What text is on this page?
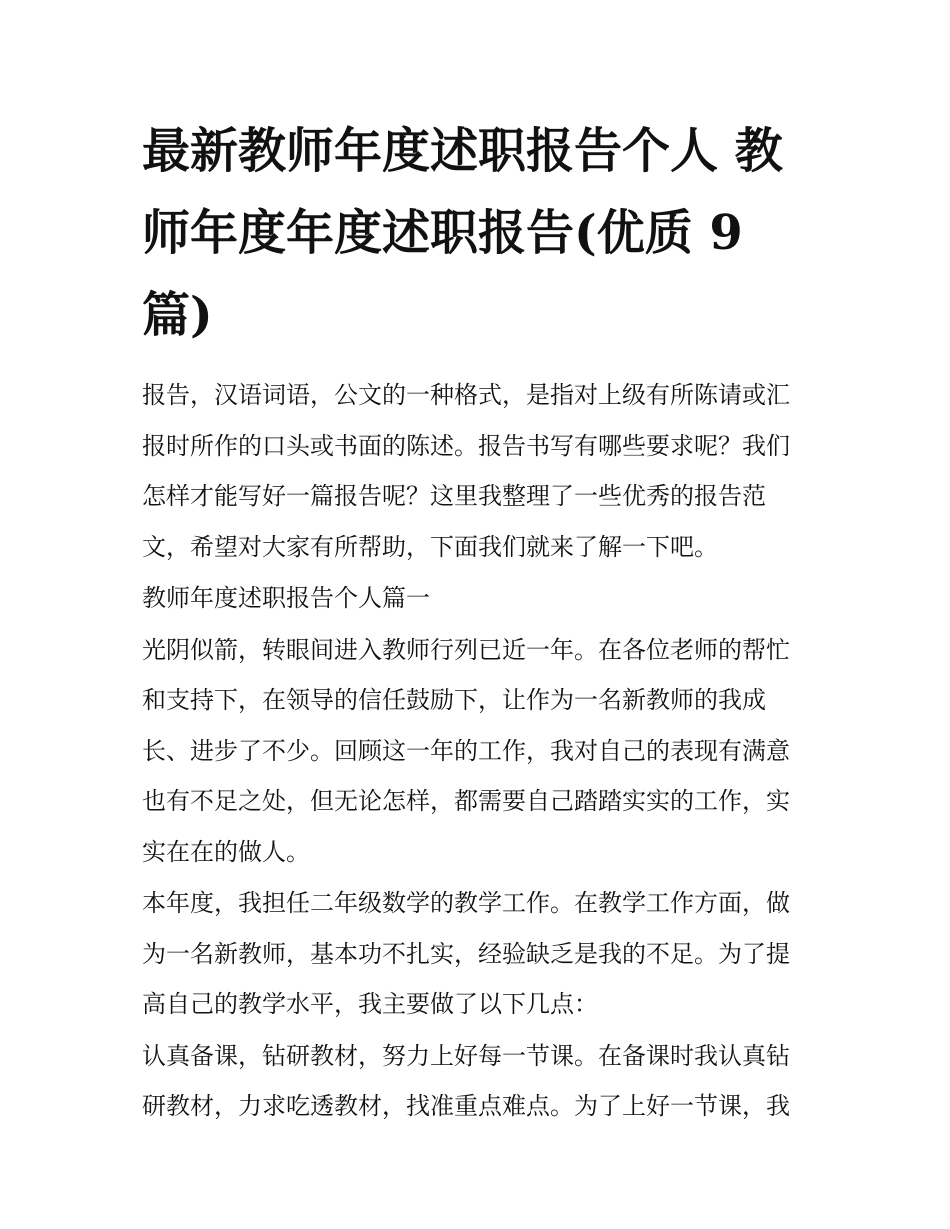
最新教师年度述职报告个人 教
师年度年度述职报告(优质 9
篇)

报告，汉语词语，公文的一种格式，是指对上级有所陈请或汇
报时所作的口头或书面的陈述。报告书写有哪些要求呢？我们
怎样才能写好一篇报告呢？这里我整理了一些优秀的报告范
文，希望对大家有所帮助，下面我们就来了解一下吧。

教师年度述职报告个人篇一

光阴似箭，转眼间进入教师行列已近一年。在各位老师的帮忙
和支持下，在领导的信任鼓励下，让作为一名新教师的我成
长、进步了不少。回顾这一年的工作，我对自己的表现有满意
也有不足之处，但无论怎样，都需要自己踏踏实实的工作，实
实在在的做人。

本年度，我担任二年级数学的教学工作。在教学工作方面，做
为一名新教师，基本功不扎实，经验缺乏是我的不足。为了提
高自己的教学水平，我主要做了以下几点：

认真备课，钻研教材，努力上好每一节课。在备课时我认真钻
研教材，力求吃透教材，找准重点难点。为了上好一节课，我
